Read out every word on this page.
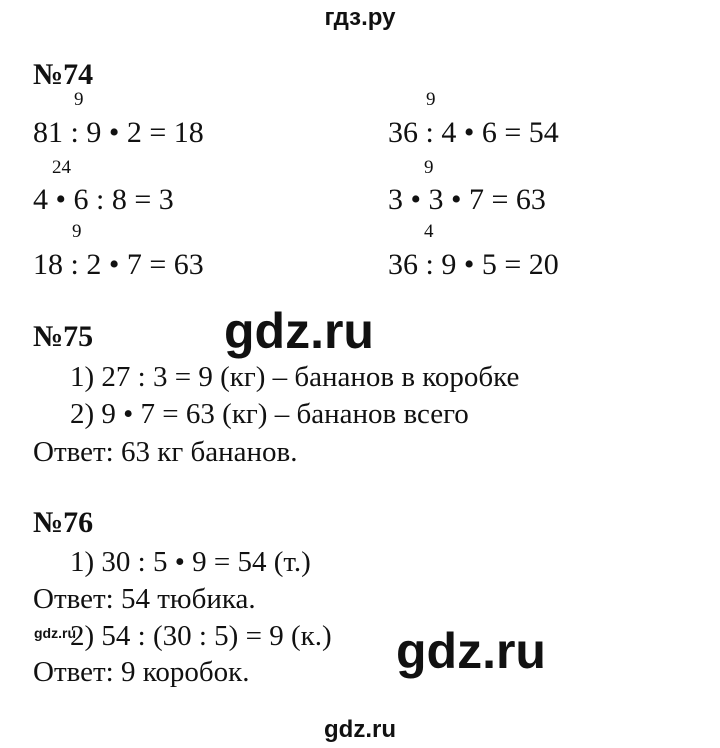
гдз.ру
gdz.ru
gdz.ru
gdz.ru
gdz.ru
№74
9
81 : 9 • 2 = 18
24
4 • 6 : 8 = 3
9
18 : 2 • 7 = 63
9
36 : 4 • 6 = 54
9
3 • 3 • 7 = 63
4
36 : 9 • 5 = 20
№75
1) 27 : 3 = 9 (кг) – бананов в коробке
2) 9 • 7 = 63 (кг) – бананов всего
Ответ: 63 кг бананов.
№76
1) 30 : 5 • 9 = 54 (т.)
Ответ: 54 тюбика.
2) 54 : (30 : 5) = 9 (к.)
Ответ: 9 коробок.
